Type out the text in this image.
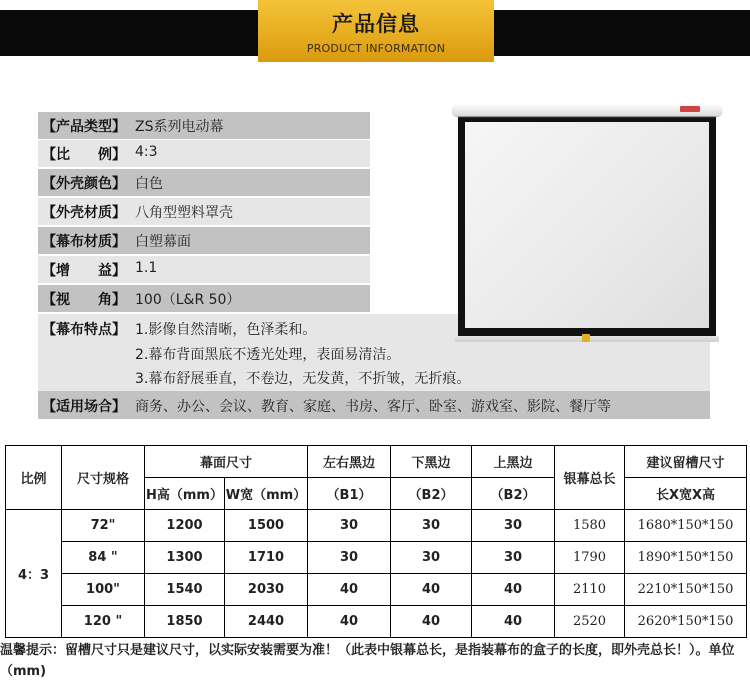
产品信息
PRODUCT INFORMATION
【产品类型】 ZS系列电动幕
【比　　例】 4:3
【外壳颜色】 白色
【外壳材质】 八角型塑料罩壳
【幕布材质】 白塑幕面
【增　　益】 1.1
【视　　角】 100（L&R 50）
【幕布特点】 1.影像自然清晰，色泽柔和。
2.幕布背面黑底不透光处理，表面易清洁。
3.幕布舒展垂直，不卷边，无发黄，不折皱，无折痕。
【适用场合】 商务、办公、会议、教育、家庭、书房、客厅、卧室、游戏室、影院、餐厅等
比例	尺寸规格	幕面尺寸		左右黑边	下黑边	上黑边	银幕总长	建议留槽尺寸
		H高（mm）	W宽（mm）	（B1）	（B2）	（B2）		长X宽X高
4：3	72"	1200	1500	30	30	30	1580	1680*150*150
	84 "	1300	1710	30	30	30	1790	1890*150*150
	100"	1540	2030	40	40	40	2110	2210*150*150
	120 "	1850	2440	40	40	40	2520	2620*150*150
温馨提示：留槽尺寸只是建议尺寸，以实际安装需要为准！（此表中银幕总长，是指装幕布的盒子的长度，即外壳总长！）。单位（mm)
